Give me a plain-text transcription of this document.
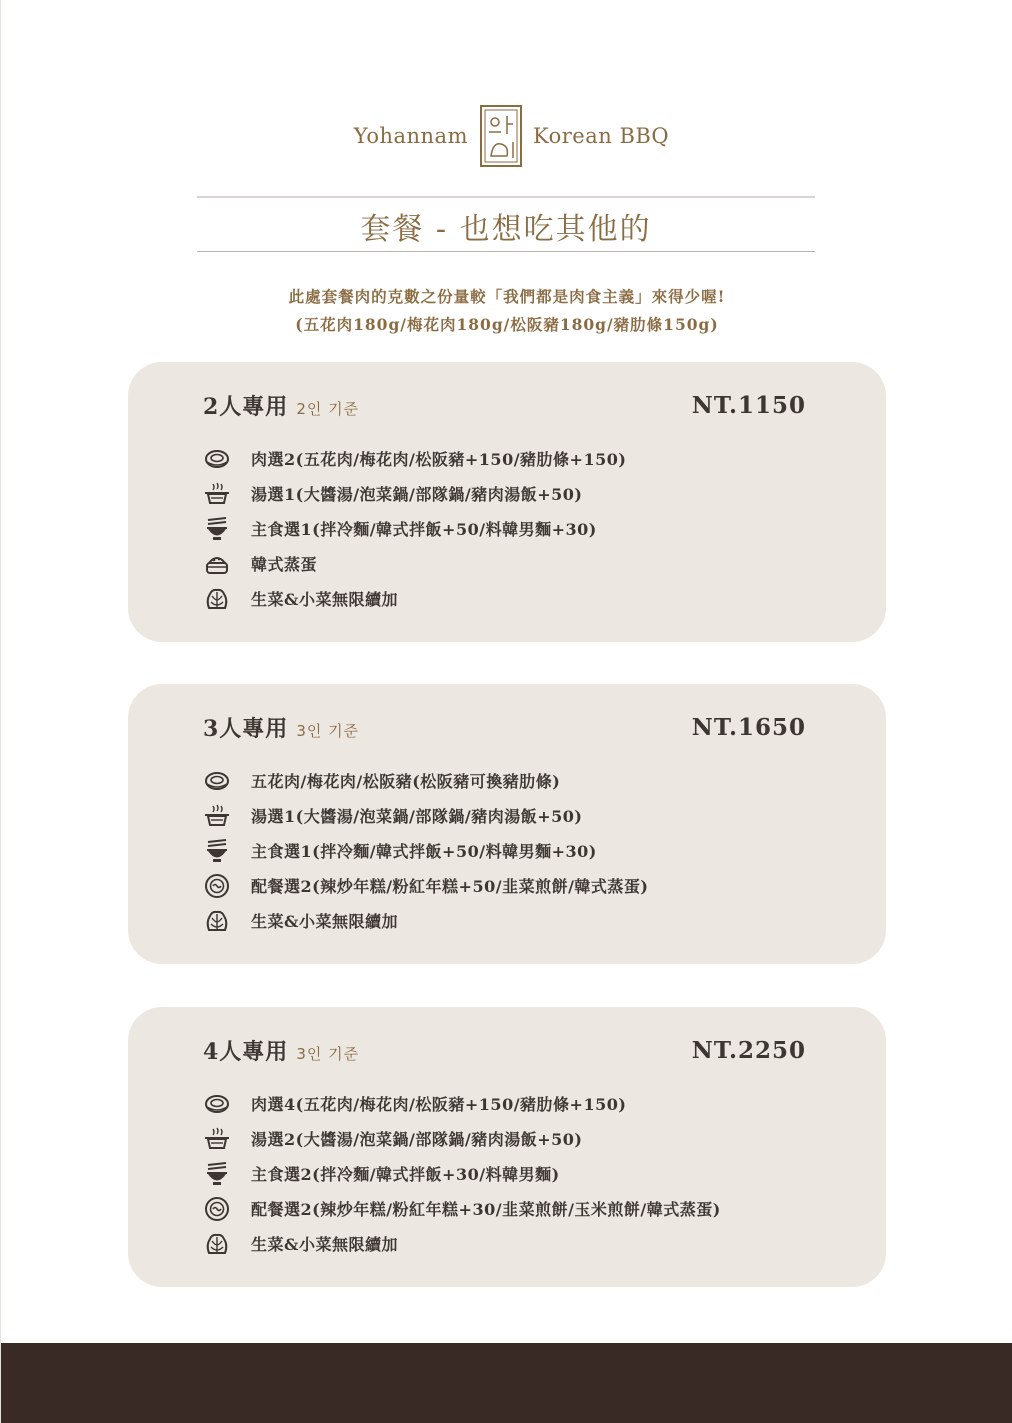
Yohannam	Korean BBQ
套餐 - 也想吃其他的
此處套餐肉的克數之份量較「我們都是肉食主義」來得少喔!
(五花肉180g/梅花肉180g/松阪豬180g/豬肋條150g)
2人專用 2인 기준	NT.1150
肉選2(五花肉/梅花肉/松阪豬+150/豬肋條+150)
湯選1(大醬湯/泡菜鍋/部隊鍋/豬肉湯飯+50)
主食選1(拌冷麵/韓式拌飯+50/料韓男麵+30)
韓式蒸蛋
生菜&小菜無限續加
3人專用 3인 기준	NT.1650
五花肉/梅花肉/松阪豬(松阪豬可換豬肋條)
湯選1(大醬湯/泡菜鍋/部隊鍋/豬肉湯飯+50)
主食選1(拌冷麵/韓式拌飯+50/料韓男麵+30)
配餐選2(辣炒年糕/粉紅年糕+50/韭菜煎餅/韓式蒸蛋)
生菜&小菜無限續加
4人專用 3인 기준	NT.2250
肉選4(五花肉/梅花肉/松阪豬+150/豬肋條+150)
湯選2(大醬湯/泡菜鍋/部隊鍋/豬肉湯飯+50)
主食選2(拌冷麵/韓式拌飯+30/料韓男麵)
配餐選2(辣炒年糕/粉紅年糕+30/韭菜煎餅/玉米煎餅/韓式蒸蛋)
生菜&小菜無限續加
